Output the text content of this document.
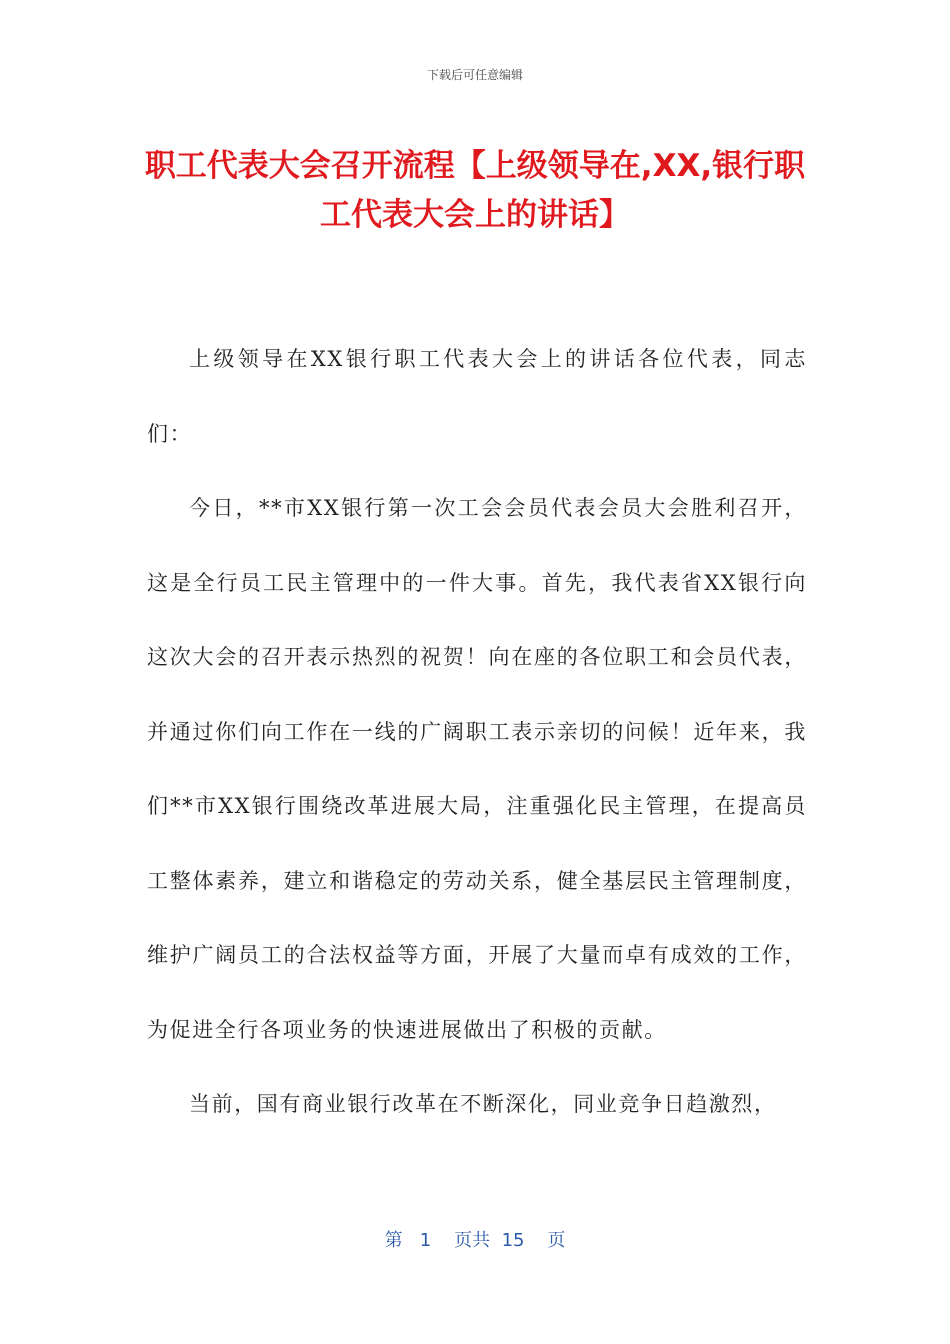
下载后可任意编辑
职工代表大会召开流程【上级领导在,XX,银行职工代表大会上的讲话】

上级领导在XX银行职工代表大会上的讲话各位代表，同志们：

今日，**市XX银行第一次工会会员代表会员大会胜利召开，这是全行员工民主管理中的一件大事。首先，我代表省XX银行向这次大会的召开表示热烈的祝贺！向在座的各位职工和会员代表，并通过你们向工作在一线的广阔职工表示亲切的问候！近年来，我们**市XX银行围绕改革进展大局，注重强化民主管理，在提高员工整体素养，建立和谐稳定的劳动关系，健全基层民主管理制度，维护广阔员工的合法权益等方面，开展了大量而卓有成效的工作，为促进全行各项业务的快速进展做出了积极的贡献。

当前，国有商业银行改革在不断深化，同业竞争日趋激烈，

第 1 页共 15 页
